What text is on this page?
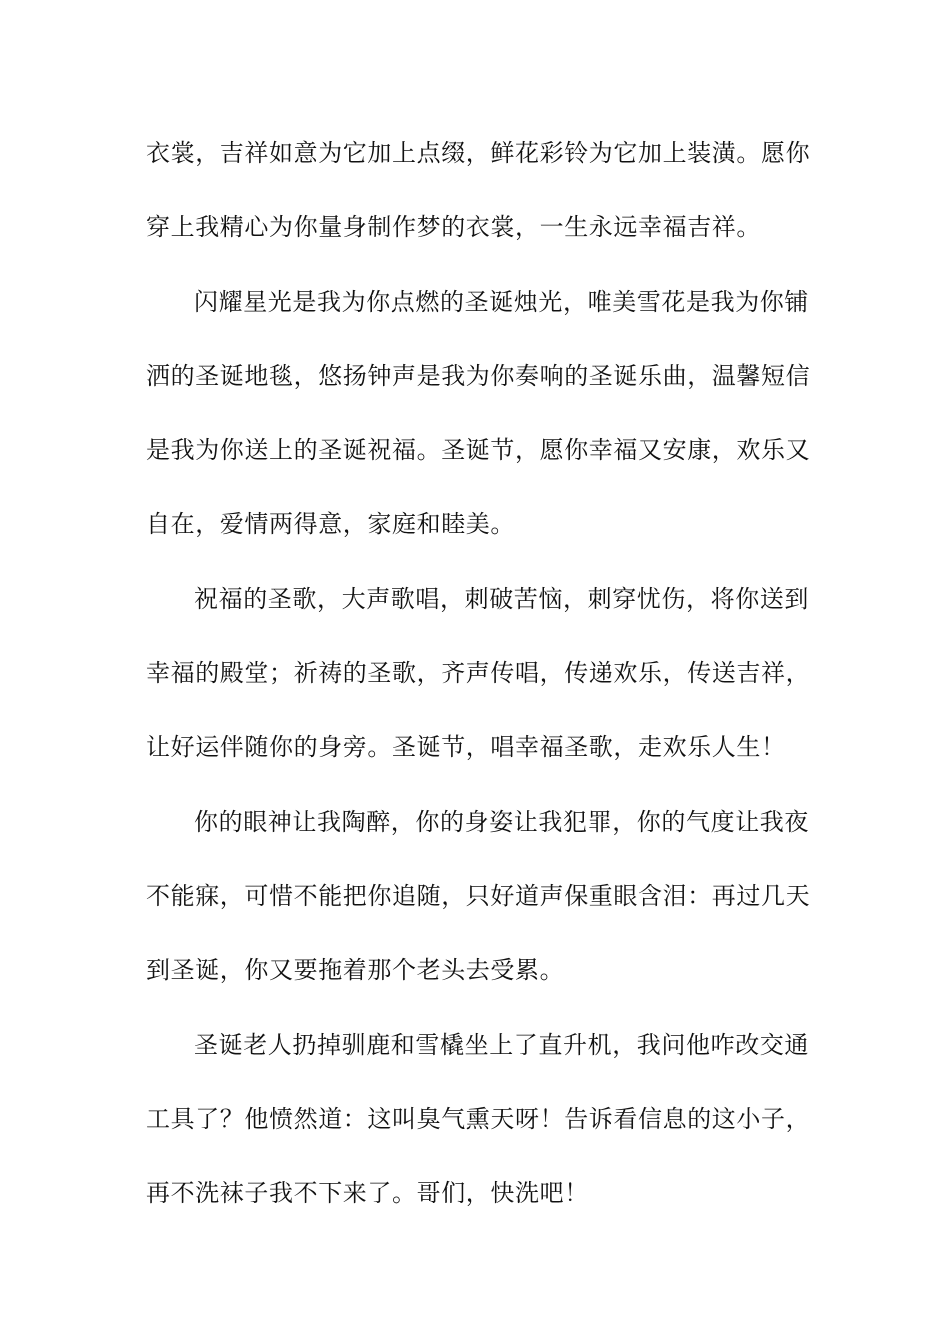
衣裳，吉祥如意为它加上点缀，鲜花彩铃为它加上装潢。愿你
穿上我精心为你量身制作梦的衣裳，一生永远幸福吉祥。
闪耀星光是我为你点燃的圣诞烛光，唯美雪花是我为你铺
洒的圣诞地毯，悠扬钟声是我为你奏响的圣诞乐曲，温馨短信
是我为你送上的圣诞祝福。圣诞节，愿你幸福又安康，欢乐又
自在，爱情两得意，家庭和睦美。
祝福的圣歌，大声歌唱，刺破苦恼，刺穿忧伤，将你送到
幸福的殿堂；祈祷的圣歌，齐声传唱，传递欢乐，传送吉祥，
让好运伴随你的身旁。圣诞节，唱幸福圣歌，走欢乐人生！
你的眼神让我陶醉，你的身姿让我犯罪，你的气度让我夜
不能寐，可惜不能把你追随，只好道声保重眼含泪：再过几天
到圣诞，你又要拖着那个老头去受累。
圣诞老人扔掉驯鹿和雪橇坐上了直升机，我问他咋改交通
工具了？他愤然道：这叫臭气熏天呀！告诉看信息的这小子，
再不洗袜子我不下来了。哥们，快洗吧！
